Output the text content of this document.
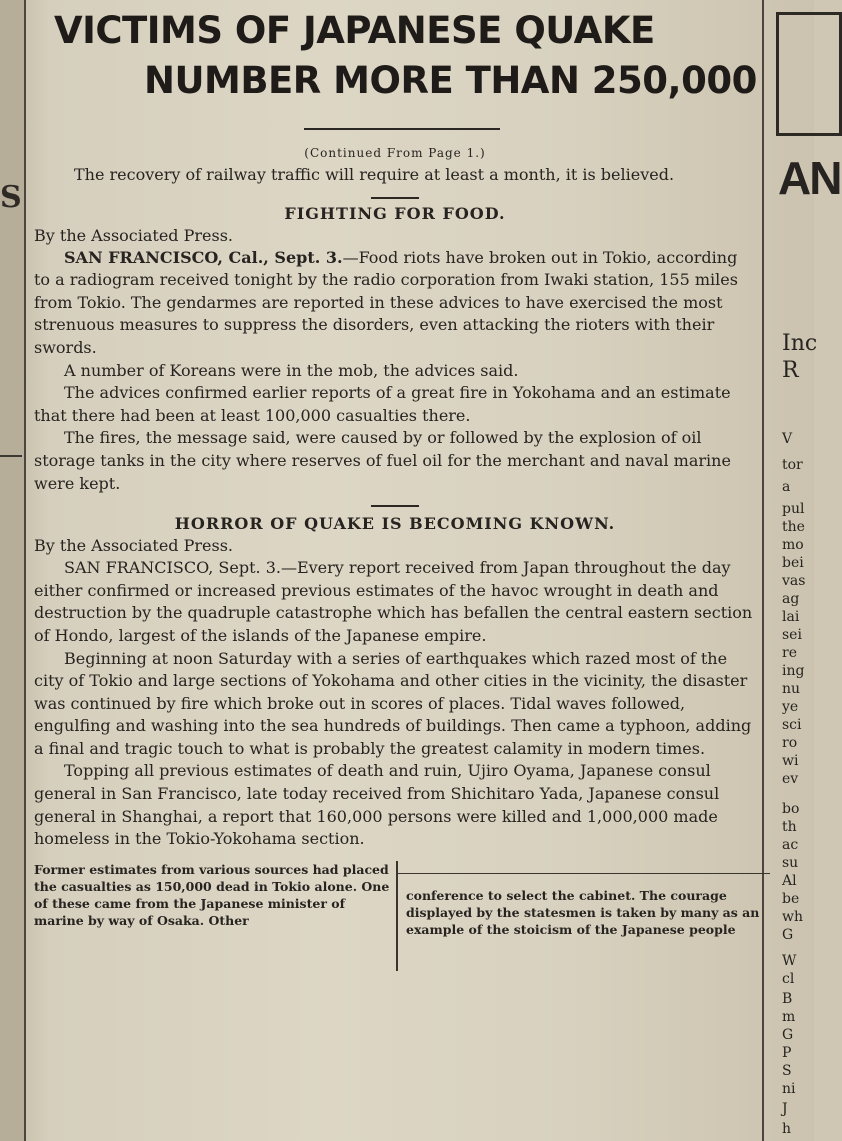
S
VICTIMS OF JAPANESE QUAKE
NUMBER MORE THAN 250,000
(Continued From Page 1.)

The recovery of railway traffic will require at least a month, it is believed.

FIGHTING FOR FOOD.
By the Associated Press.

SAN FRANCISCO, Cal., Sept. 3.—Food riots have broken out in Tokio, according to a radiogram received tonight by the radio corporation from Iwaki station, 155 miles from Tokio. The gendarmes are reported in these advices to have exercised the most strenuous measures to suppress the disorders, even attacking the rioters with their swords.

A number of Koreans were in the mob, the advices said.

The advices confirmed earlier reports of a great fire in Yokohama and an estimate that there had been at least 100,000 casualties there.

The fires, the message said, were caused by or followed by the explosion of oil storage tanks in the city where reserves of fuel oil for the merchant and naval marine were kept.

HORROR OF QUAKE IS BECOMING KNOWN.
By the Associated Press.

SAN FRANCISCO, Sept. 3.—Every report received from Japan throughout the day either confirmed or increased previous estimates of the havoc wrought in death and destruction by the quadruple catastrophe which has befallen the central eastern section of Hondo, largest of the islands of the Japanese empire.

Beginning at noon Saturday with a series of earthquakes which razed most of the city of Tokio and large sections of Yokohama and other cities in the vicinity, the disaster was continued by fire which broke out in scores of places. Tidal waves followed, engulfing and washing into the sea hundreds of buildings. Then came a typhoon, adding a final and tragic touch to what is probably the greatest calamity in modern times.

Topping all previous estimates of death and ruin, Ujiro Oyama, Japanese consul general in San Francisco, late today received from Shichitaro Yada, Japanese consul general in Shanghai, a report that 160,000 persons were killed and 1,000,000 made homeless in the Tokio-Yokohama section.

Former estimates from various sources had placed the casualties as 150,000 dead in Tokio alone. One of these came from the Japanese minister of marine by way of Osaka. Other
conference to select the cabinet. The courage displayed by the statesmen is taken by many as an example of the stoicism of the Japanese people
AN
Inc
R
V
tor
a
pul
the
mo
bei
vas
ag
lai
sei
re
ing
nu
ye
sci
ro
wi
ev
bo
th
ac
su
Al
be
wh
G
W
cl
B
m
G
P
S
ni
J
h
